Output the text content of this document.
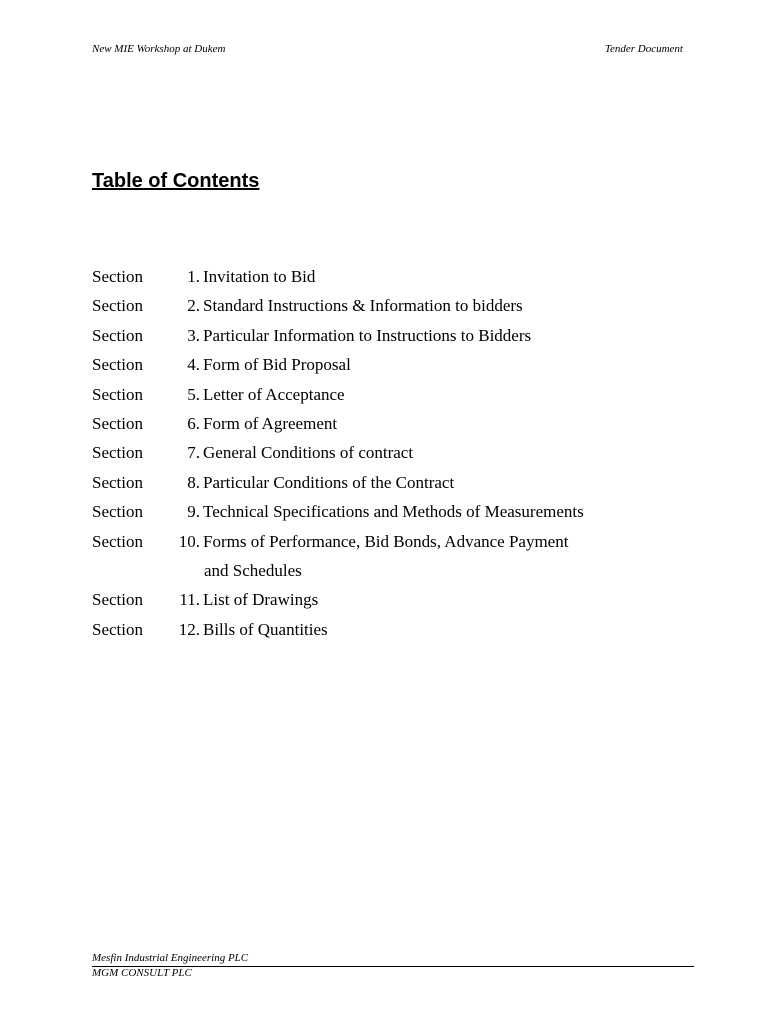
New MIE Workshop at Dukem	Tender Document
Table of Contents
Section	1. Invitation to Bid
Section	2. Standard Instructions & Information to bidders
Section	3. Particular Information to Instructions to Bidders
Section	4. Form of Bid Proposal
Section	5. Letter of Acceptance
Section	6. Form of Agreement
Section	7. General Conditions of contract
Section	8. Particular Conditions of the Contract
Section	9. Technical Specifications and Methods of Measurements
Section 10. Forms of Performance, Bid Bonds, Advance Payment
and Schedules
Section 11. List of Drawings
Section 12. Bills of Quantities
Mesfin Industrial Engineering PLC
MGM CONSULT PLC
